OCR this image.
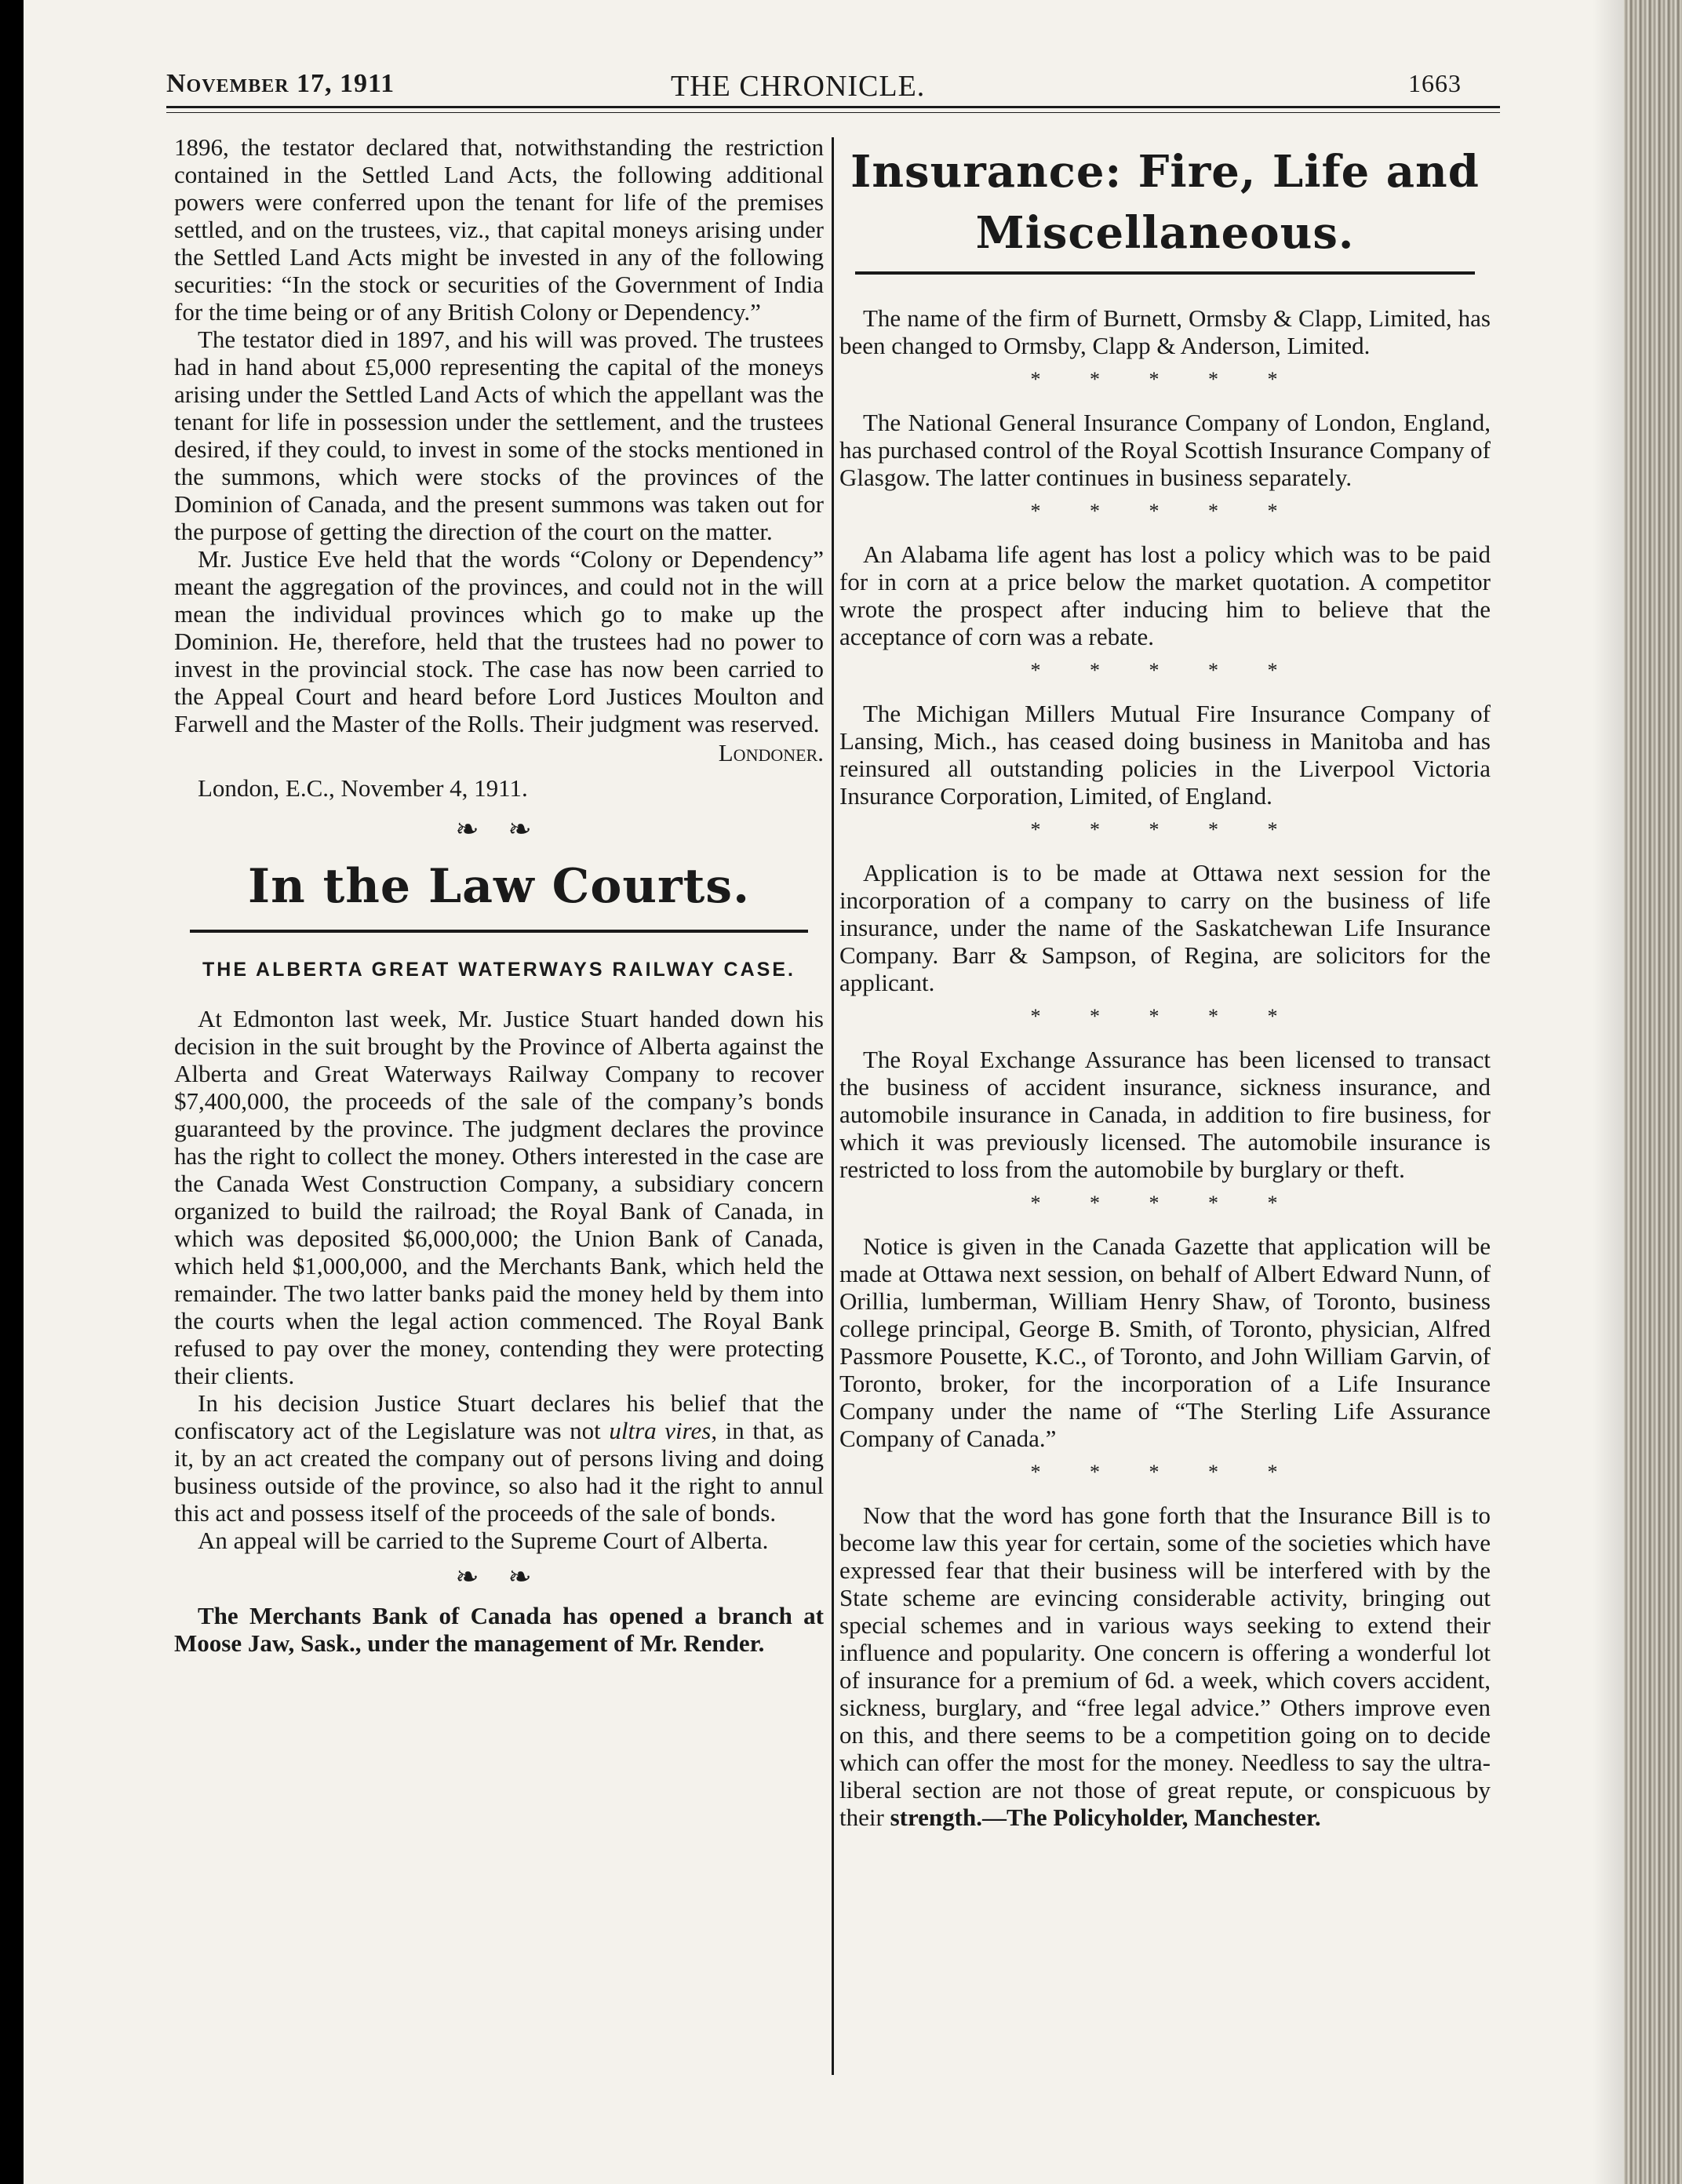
November 17, 1911	THE CHRONICLE.	1663

1896, the testator declared that, notwithstanding the restriction contained in the Settled Land Acts, the following additional powers were conferred upon the tenant for life of the premises settled, and on the trustees, viz., that capital moneys arising under the Settled Land Acts might be invested in any of the following securities: “In the stock or securities of the Government of India for the time being or of any British Colony or Dependency.”

The testator died in 1897, and his will was proved. The trustees had in hand about £5,000 representing the capital of the moneys arising under the Settled Land Acts of which the appellant was the tenant for life in possession under the settlement, and the trustees desired, if they could, to invest in some of the stocks mentioned in the summons, which were stocks of the provinces of the Dominion of Canada, and the present summons was taken out for the purpose of getting the direction of the court on the matter.

Mr. Justice Eve held that the words “Colony or Dependency” meant the aggregation of the provinces, and could not in the will mean the individual provinces which go to make up the Dominion. He, therefore, held that the trustees had no power to invest in the provincial stock. The case has now been carried to the Appeal Court and heard before Lord Justices Moulton and Farwell and the Master of the Rolls. Their judgment was reserved.

Londoner.
London, E.C., November 4, 1911.
❧ ❧
In the Law Courts.
THE ALBERTA GREAT WATERWAYS RAILWAY CASE.

At Edmonton last week, Mr. Justice Stuart handed down his decision in the suit brought by the Province of Alberta against the Alberta and Great Waterways Railway Company to recover $7,400,000, the proceeds of the sale of the company’s bonds guaranteed by the province. The judgment declares the province has the right to collect the money. Others interested in the case are the Canada West Construction Company, a subsidiary concern organized to build the railroad; the Royal Bank of Canada, in which was deposited $6,000,000; the Union Bank of Canada, which held $1,000,000, and the Merchants Bank, which held the remainder. The two latter banks paid the money held by them into the courts when the legal action commenced. The Royal Bank refused to pay over the money, contending they were protecting their clients.

In his decision Justice Stuart declares his belief that the confiscatory act of the Legislature was not ultra vires, in that, as it, by an act created the company out of persons living and doing business outside of the province, so also had it the right to annul this act and possess itself of the proceeds of the sale of bonds.

An appeal will be carried to the Supreme Court of Alberta.

❧ ❧

The Merchants Bank of Canada has opened a branch at Moose Jaw, Sask., under the management of Mr. Render.

Insurance: Fire, Life and
Miscellaneous.

The name of the firm of Burnett, Ormsby & Clapp, Limited, has been changed to Ormsby, Clapp & Anderson, Limited.

* * * * *

The National General Insurance Company of London, England, has purchased control of the Royal Scottish Insurance Company of Glasgow. The latter continues in business separately.

* * * * *

An Alabama life agent has lost a policy which was to be paid for in corn at a price below the market quotation. A competitor wrote the prospect after inducing him to believe that the acceptance of corn was a rebate.

* * * * *

The Michigan Millers Mutual Fire Insurance Company of Lansing, Mich., has ceased doing business in Manitoba and has reinsured all outstanding policies in the Liverpool Victoria Insurance Corporation, Limited, of England.

* * * * *

Application is to be made at Ottawa next session for the incorporation of a company to carry on the business of life insurance, under the name of the Saskatchewan Life Insurance Company. Barr & Sampson, of Regina, are solicitors for the applicant.

* * * * *

The Royal Exchange Assurance has been licensed to transact the business of accident insurance, sickness insurance, and automobile insurance in Canada, in addition to fire business, for which it was previously licensed. The automobile insurance is restricted to loss from the automobile by burglary or theft.

* * * * *

Notice is given in the Canada Gazette that application will be made at Ottawa next session, on behalf of Albert Edward Nunn, of Orillia, lumberman, William Henry Shaw, of Toronto, business college principal, George B. Smith, of Toronto, physician, Alfred Passmore Pousette, K.C., of Toronto, and John William Garvin, of Toronto, broker, for the incorporation of a Life Insurance Company under the name of “The Sterling Life Assurance Company of Canada.”

* * * * *

Now that the word has gone forth that the Insurance Bill is to become law this year for certain, some of the societies which have expressed fear that their business will be interfered with by the State scheme are evincing considerable activity, bringing out special schemes and in various ways seeking to extend their influence and popularity. One concern is offering a wonderful lot of insurance for a premium of 6d. a week, which covers accident, sickness, burglary, and “free legal advice.” Others improve even on this, and there seems to be a competition going on to decide which can offer the most for the money. Needless to say the ultra-liberal section are not those of great repute, or conspicuous by their strength.—The Policyholder, Manchester.
